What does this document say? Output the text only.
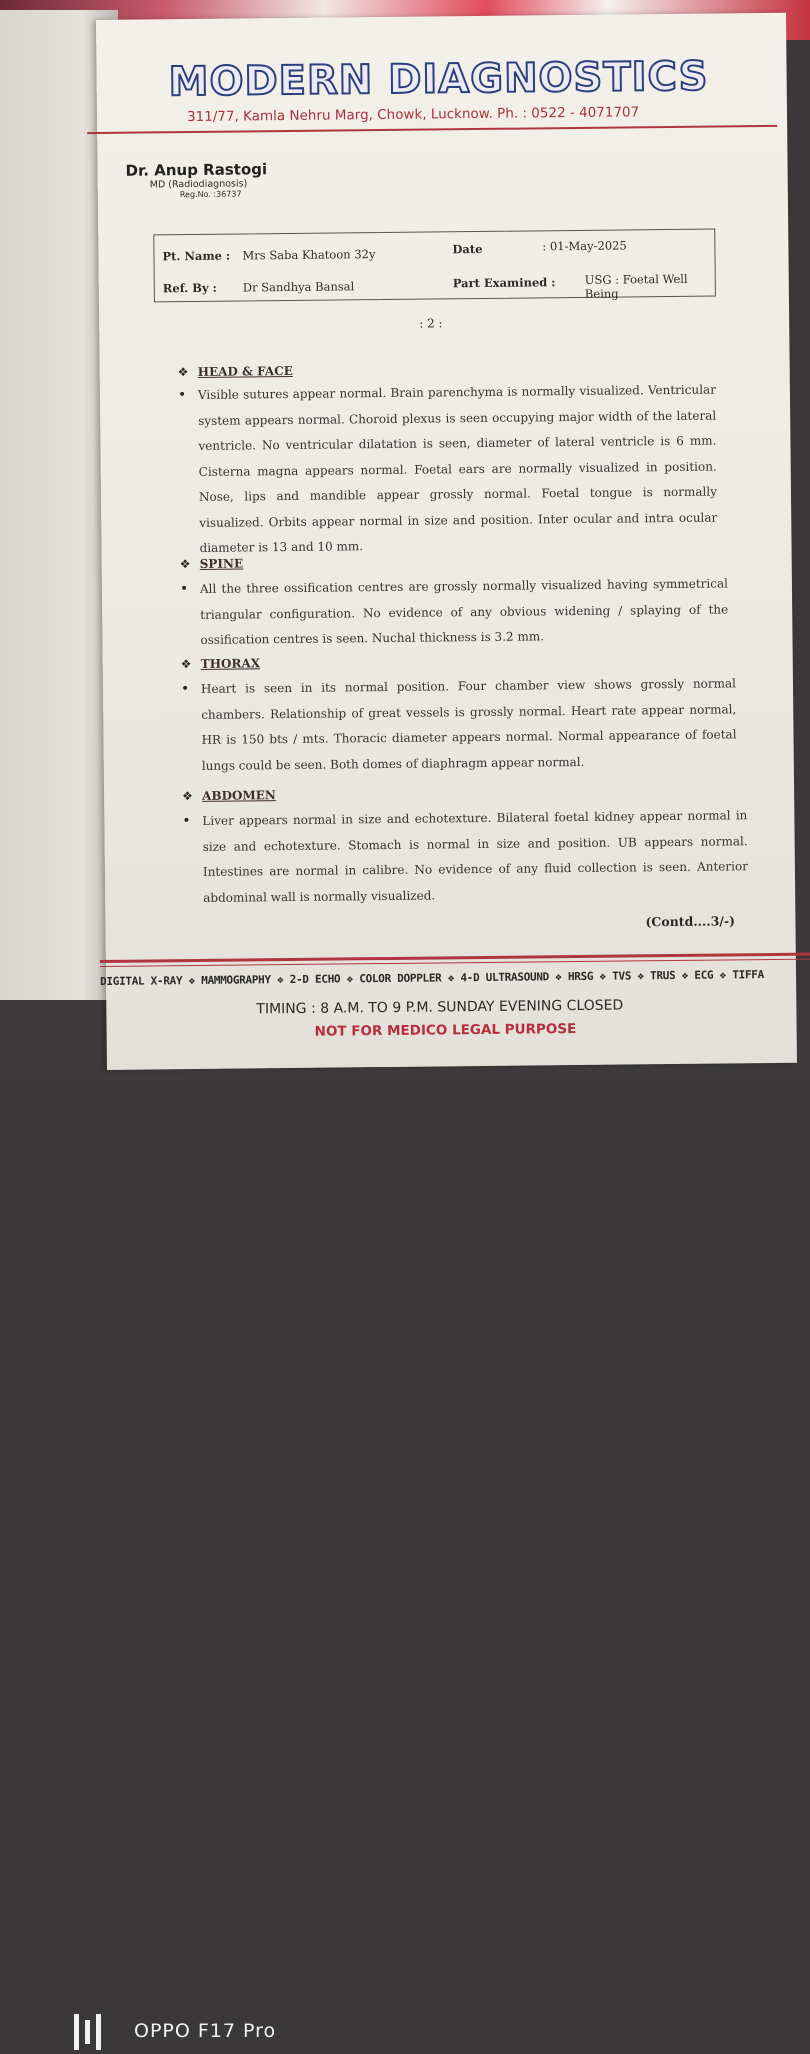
MODERN DIAGNOSTICS
311/77, Kamla Nehru Marg, Chowk, Lucknow. Ph. : 0522 - 4071707
Dr. Anup Rastogi
MD (Radiodiagnosis)
Reg.No. :36737
Pt. Name : Mrs Saba Khatoon 32y	Date	: 01-May-2025
Ref. By : Dr Sandhya Bansal	Part Examined :	USG : Foetal Well Being
: 2 :
❖ HEAD & FACE
• Visible sutures appear normal. Brain parenchyma is normally visualized. Ventricular system appears normal. Choroid plexus is seen occupying major width of the lateral ventricle. No ventricular dilatation is seen, diameter of lateral ventricle is 6 mm. Cisterna magna appears normal. Foetal ears are normally visualized in position. Nose, lips and mandible appear grossly normal. Foetal tongue is normally visualized. Orbits appear normal in size and position. Inter ocular and intra ocular diameter is 13 and 10 mm.
❖ SPINE
• All the three ossification centres are grossly normally visualized having symmetrical triangular configuration. No evidence of any obvious widening / splaying of the ossification centres is seen. Nuchal thickness is 3.2 mm.
❖ THORAX
• Heart is seen in its normal position. Four chamber view shows grossly normal chambers. Relationship of great vessels is grossly normal. Heart rate appear normal, HR is 150 bts / mts. Thoracic diameter appears normal. Normal appearance of foetal lungs could be seen. Both domes of diaphragm appear normal.
❖ ABDOMEN
• Liver appears normal in size and echotexture. Bilateral foetal kidney appear normal in size and echotexture. Stomach is normal in size and position. UB appears normal. Intestines are normal in calibre. No evidence of any fluid collection is seen. Anterior abdominal wall is normally visualized.
(Contd....3/-)
DIGITAL X-RAY ❖ MAMMOGRAPHY ❖ 2-D ECHO ❖ COLOR DOPPLER ❖ 4-D ULTRASOUND ❖ HRSG ❖ TVS ❖ TRUS ❖ ECG ❖ TIFFA
TIMING : 8 A.M. TO 9 P.M. SUNDAY EVENING CLOSED
NOT FOR MEDICO LEGAL PURPOSE
OPPO F17 Pro
